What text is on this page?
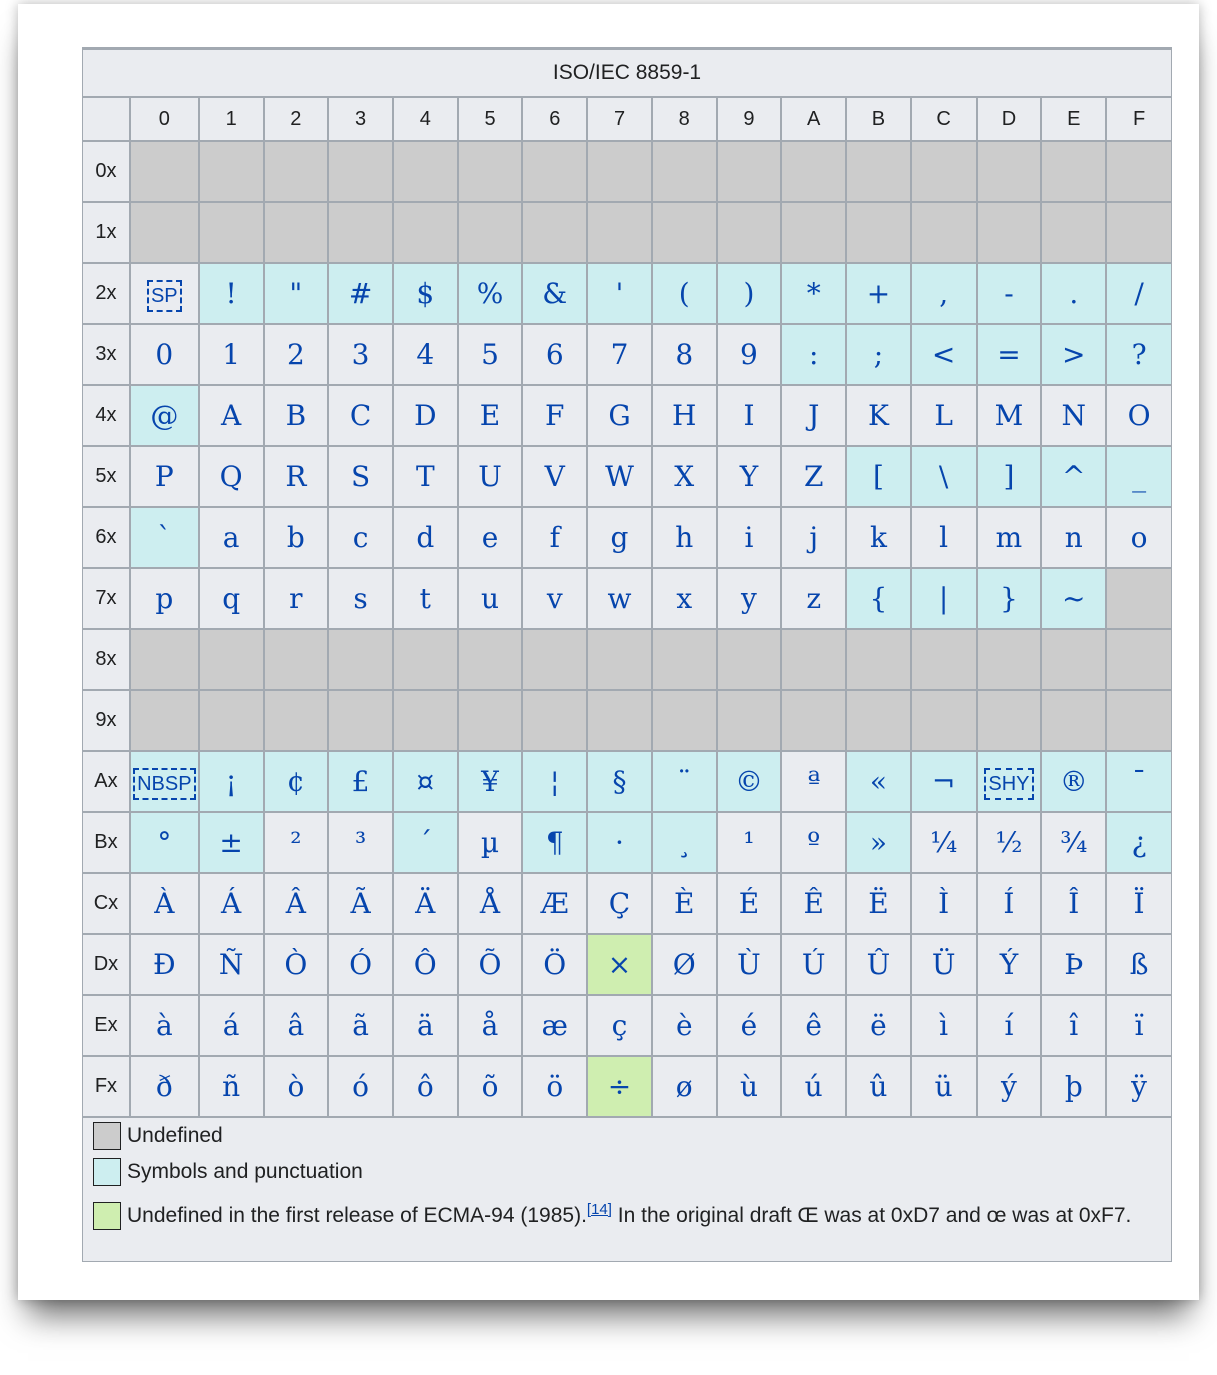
ISO/IEC 8859-1																
	0	1	2	3	4	5	6	7	8	9	A	B	C	D	E	F
0x																
1x																
2x	SP	!	"	#	$	%	&	'	(	)	*	+	,	-	.	/
3x	0	1	2	3	4	5	6	7	8	9	:	;	<	=	>	?
4x	@	A	B	C	D	E	F	G	H	I	J	K	L	M	N	O
5x	P	Q	R	S	T	U	V	W	X	Y	Z	[	\	]	^	_
6x	`	a	b	c	d	e	f	g	h	i	j	k	l	m	n	o
7x	p	q	r	s	t	u	v	w	x	y	z	{	|	}	~	
8x																
9x																
Ax	NBSP	¡	¢	£	¤	¥	¦	§	¨	©	ª	«	¬	SHY	®	¯
Bx	°	±	²	³	´	µ	¶	·	¸	¹	º	»	¼	½	¾	¿
Cx	À	Á	Â	Ã	Ä	Å	Æ	Ç	È	É	Ê	Ë	Ì	Í	Î	Ï
Dx	Ð	Ñ	Ò	Ó	Ô	Õ	Ö	×	Ø	Ù	Ú	Û	Ü	Ý	Þ	ß
Ex	à	á	â	ã	ä	å	æ	ç	è	é	ê	ë	ì	í	î	ï
Fx	ð	ñ	ò	ó	ô	õ	ö	÷	ø	ù	ú	û	ü	ý	þ	ÿ
Undefined
Symbols and punctuation
Undefined in the first release of ECMA-94 (1985).[14] In the original draft Œ was at 0xD7 and œ was at 0xF7.
